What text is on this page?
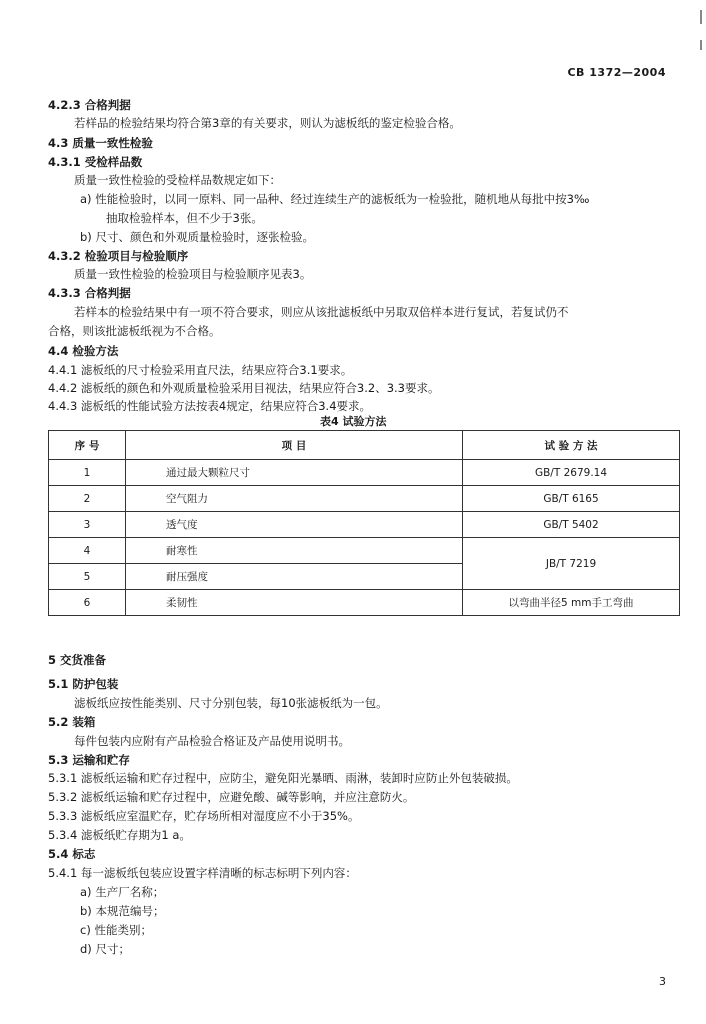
CB 1372—2004
4.2.3 合格判据
若样品的检验结果均符合第3章的有关要求，则认为滤板纸的鉴定检验合格。
4.3 质量一致性检验
4.3.1 受检样品数
质量一致性检验的受检样品数规定如下：
a) 性能检验时，以同一原料、同一品种、经过连续生产的滤板纸为一检验批，随机地从每批中按3‰
抽取检验样本，但不少于3张。
b) 尺寸、颜色和外观质量检验时，逐张检验。
4.3.2 检验项目与检验顺序
质量一致性检验的检验项目与检验顺序见表3。
4.3.3 合格判据
若样本的检验结果中有一项不符合要求，则应从该批滤板纸中另取双倍样本进行复试，若复试仍不
合格，则该批滤板纸视为不合格。
4.4 检验方法
4.4.1 滤板纸的尺寸检验采用直尺法，结果应符合3.1要求。
4.4.2 滤板纸的颜色和外观质量检验采用目视法，结果应符合3.2、3.3要求。
4.4.3 滤板纸的性能试验方法按表4规定，结果应符合3.4要求。
5 交货准备
5.1 防护包装
滤板纸应按性能类别、尺寸分别包装，每10张滤板纸为一包。
5.2 装箱
每件包装内应附有产品检验合格证及产品使用说明书。
5.3 运输和贮存
5.3.1 滤板纸运输和贮存过程中，应防尘，避免阳光暴晒、雨淋，装卸时应防止外包装破损。
5.3.2 滤板纸运输和贮存过程中，应避免酸、碱等影响，并应注意防火。
5.3.3 滤板纸应室温贮存，贮存场所相对湿度应不小于35%。
5.3.4 滤板纸贮存期为1 a。
5.4 标志
5.4.1 每一滤板纸包装应设置字样清晰的标志标明下列内容：
a) 生产厂名称；
b) 本规范编号；
c) 性能类别；
d) 尺寸；
表4 试验方法
序 号	项 目	试 验 方 法
1	通过最大颗粒尺寸	GB/T 2679.14
2	空气阻力	GB/T 6165
3	透气度	GB/T 5402
4	耐寒性	JB/T 7219
5	耐压强度	
6	柔韧性	以弯曲半径5 mm手工弯曲
3
